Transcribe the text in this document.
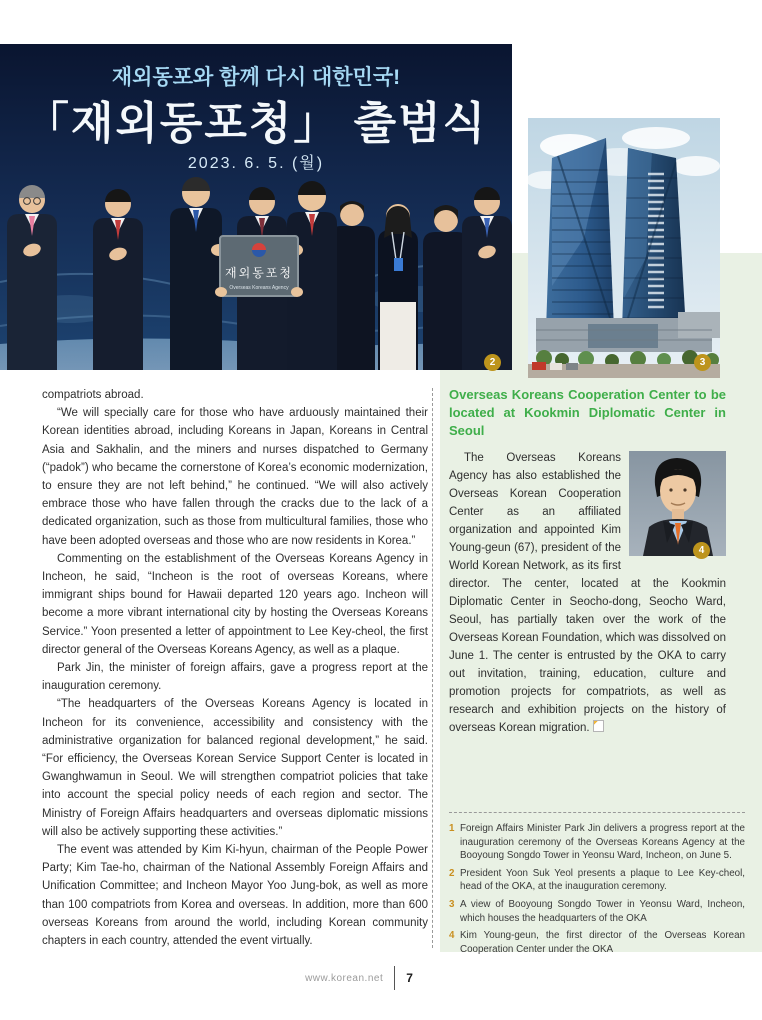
재외동포와 함께 다시 대한민국!
「재외동포청」 출범식
2023. 6. 5. (월)
재외동포청
Overseas Koreans Agency
2	3

compatriots abroad.

“We will specially care for those who have arduously maintained their Korean identities abroad, including Koreans in Japan, Koreans in Central Asia and Sakhalin, and the miners and nurses dispatched to Germany (“padok”) who became the cornerstone of Korea’s economic modernization, to ensure they are not left behind,” he continued. “We will also actively embrace those who have fallen through the cracks due to the lack of a dedicated organization, such as those from multicultural families, those who have been adopted overseas and those who are now residents in Korea.”

Commenting on the establishment of the Overseas Koreans Agency in Incheon, he said, “Incheon is the root of overseas Koreans, where immigrant ships bound for Hawaii departed 120 years ago. Incheon will become a more vibrant international city by hosting the Overseas Koreans Service.” Yoon presented a letter of appointment to Lee Key-cheol, the first director general of the Overseas Koreans Agency, as well as a plaque.

Park Jin, the minister of foreign affairs, gave a progress report at the inauguration ceremony.

“The headquarters of the Overseas Koreans Agency is located in Incheon for its convenience, accessibility and consistency with the administrative organization for balanced regional development,” he said. “For efficiency, the Overseas Korean Service Support Center is located in Gwanghwamun in Seoul. We will strengthen compatriot policies that take into account the special policy needs of each region and sector. The Ministry of Foreign Affairs headquarters and overseas diplomatic missions will also be actively supporting these activities.”

The event was attended by Kim Ki-hyun, chairman of the People Power Party; Kim Tae-ho, chairman of the National Assembly Foreign Affairs and Unification Committee; and Incheon Mayor Yoo Jung-bok, as well as more than 100 compatriots from Korea and overseas. In addition, more than 600 overseas Koreans from around the world, including Korean community chapters in each country, attended the event virtually.

Overseas Koreans Cooperation Center to be located at Kookmin Diplomatic Center in Seoul
4

The Overseas Koreans Agency has also established the Overseas Korean Cooperation Center as an affiliated organization and appointed Kim Young-geun (67), president of the World Korean Network, as its first director. The center, located at the Kookmin Diplomatic Center in Seocho-dong, Seocho Ward, Seoul, has partially taken over the work of the Overseas Korean Foundation, which was dissolved on June 1. The center is entrusted by the OKA to carry out invitation, training, education, culture and promotion projects for compatriots, as well as research and exhibition projects on the history of overseas Korean migration.

1 Foreign Affairs Minister Park Jin delivers a progress report at the inauguration ceremony of the Overseas Koreans Agency at the Booyoung Songdo Tower in Yeonsu Ward, Incheon, on June 5.
2 President Yoon Suk Yeol presents a plaque to Lee Key-cheol, head of the OKA, at the inauguration ceremony.
3 A view of Booyoung Songdo Tower in Yeonsu Ward, Incheon, which houses the headquarters of the OKA
4 Kim Young-geun, the first director of the Overseas Korean Cooperation Center under the OKA
www.korean.net 7
